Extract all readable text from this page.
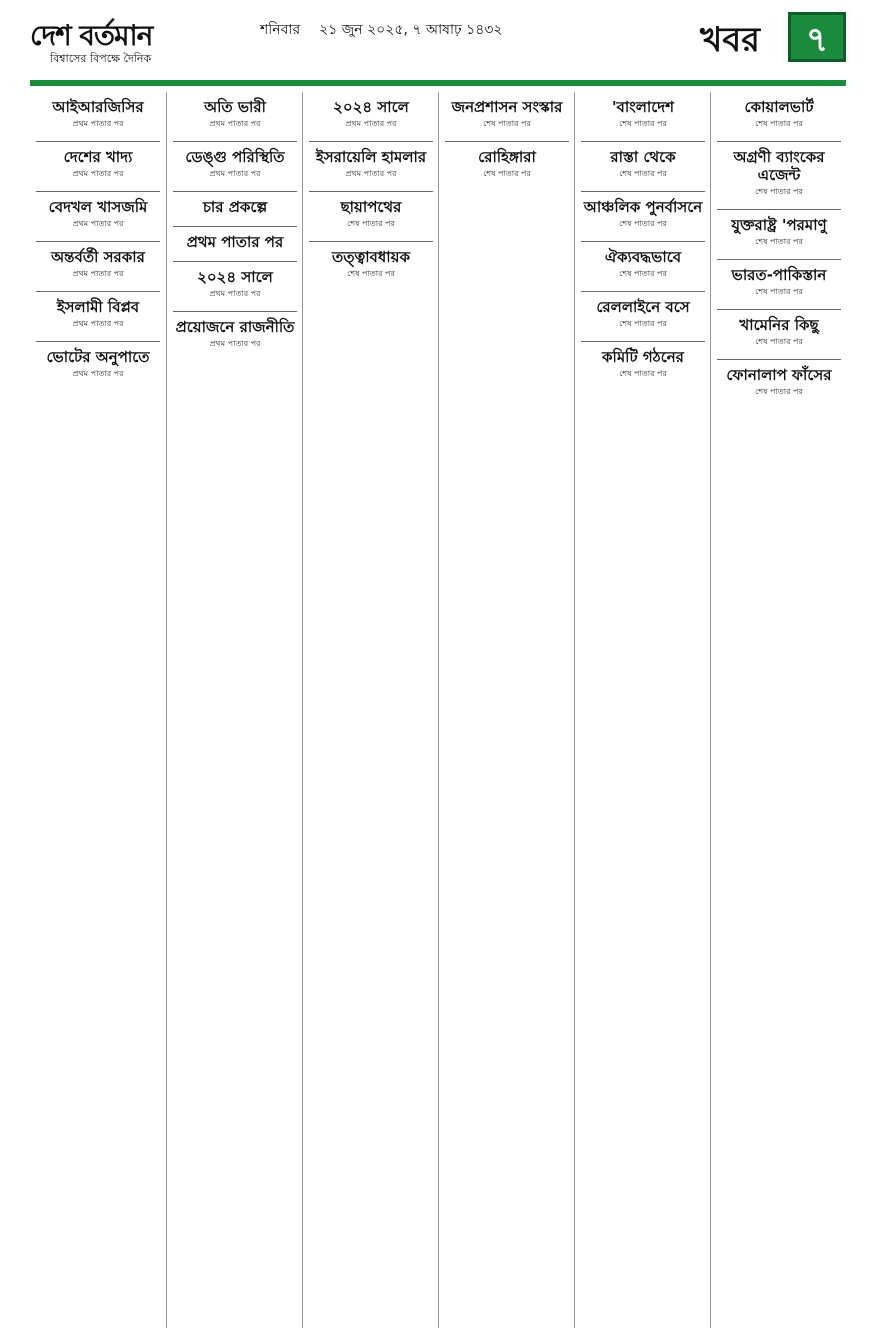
দেশ বর্তমান
বিশ্বাসের বিপক্ষে দৈনিক
শনিবার ২১ জুন ২০২৫, ৭ আষাঢ় ১৪৩২	খবর	৭
আইআরজিসির
প্রথম পাতার পর
দেশের খাদ্য
প্রথম পাতার পর
বেদখল খাসজমি
প্রথম পাতার পর
অন্তর্বর্তী সরকার
প্রথম পাতার পর
ইসলামী বিপ্লব
প্রথম পাতার পর
ভোটের অনুপাতে
প্রথম পাতার পর
অতি ভারী
প্রথম পাতার পর
ডেঙ্গু পরিস্থিতি
প্রথম পাতার পর
চার প্রকল্পে
প্রথম পাতার পর
২০২৪ সালে
প্রথম পাতার পর
প্রয়োজনে রাজনীতি
প্রথম পাতার পর
২০২৪ সালে
প্রথম পাতার পর
ইসরায়েলি হামলার
প্রথম পাতার পর
ছায়াপথের
শেষ পাতার পর
তত্ত্বাবধায়ক
শেষ পাতার পর
জনপ্রশাসন সংস্কার
শেষ পাতার পর
রোহিঙ্গারা
শেষ পাতার পর
'বাংলাদেশ
শেষ পাতার পর
রাস্তা থেকে
শেষ পাতার পর
আঞ্চলিক পুনর্বাসনে
শেষ পাতার পর
ঐক্যবদ্ধভাবে
শেষ পাতার পর
রেললাইনে বসে
শেষ পাতার পর
কমিটি গঠনের
শেষ পাতার পর
কোয়ালভার্ট
শেষ পাতার পর
অগ্রণী ব্যাংকের এজেন্ট
শেষ পাতার পর
যুক্তরাষ্ট্র 'পরমাণু
শেষ পাতার পর
ভারত-পাকিস্তান
শেষ পাতার পর
খামেনির কিছু
শেষ পাতার পর
ফোনালাপ ফাঁসের
শেষ পাতার পর
